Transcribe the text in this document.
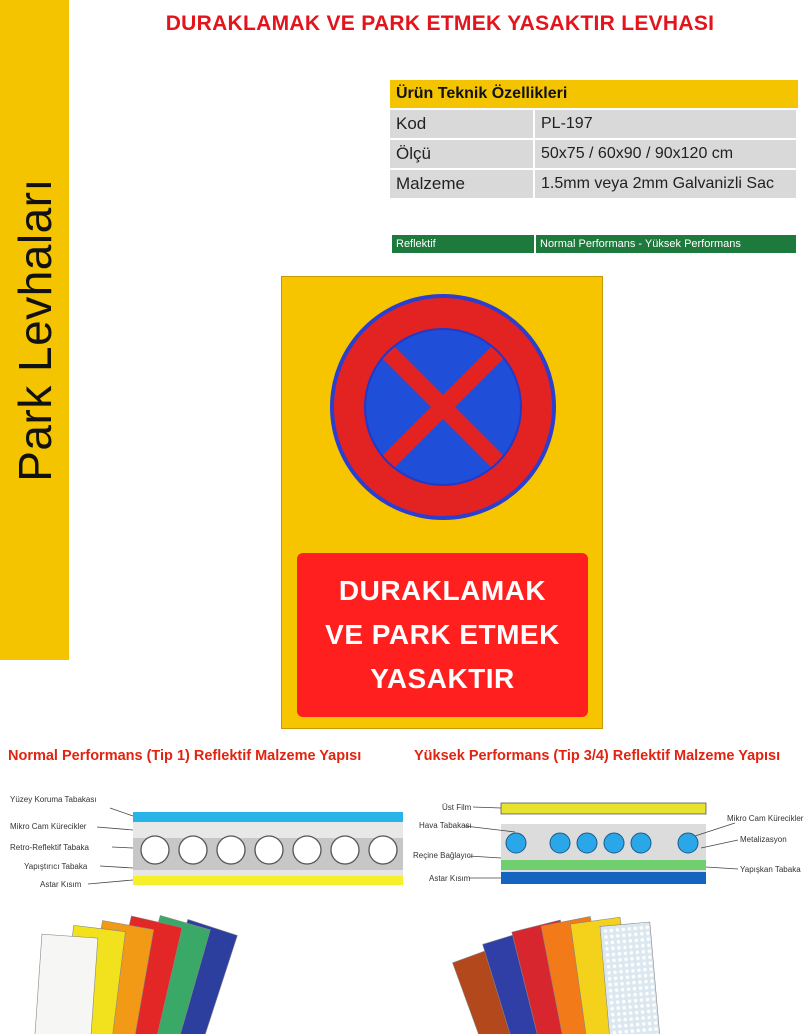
Park Levhaları
DURAKLAMAK VE PARK ETMEK YASAKTIR LEVHASI
Ürün Teknik Özellikleri	
Kod	PL-197
Ölçü	50x75 / 60x90 / 90x120 cm
Malzeme	1.5mm veya 2mm Galvanizli Sac
Reflektif	Normal Performans - Yüksek Performans
DURAKLAMAK
VE PARK ETMEK
YASAKTIR
Normal Performans (Tip 1) Reflektif Malzeme Yapısı	Yüksek Performans (Tip 3/4) Reflektif Malzeme Yapısı
Yüzey Koruma Tabakası
Mikro Cam Kürecikler
Retro-Reflektif Tabaka
Yapıştırıcı Tabaka
Astar Kısım
Üst Film
Hava Tabakası
Reçine Bağlayıcı
Astar Kısım
Mikro Cam Kürecikler
Metalizasyon
Yapışkan Tabaka
